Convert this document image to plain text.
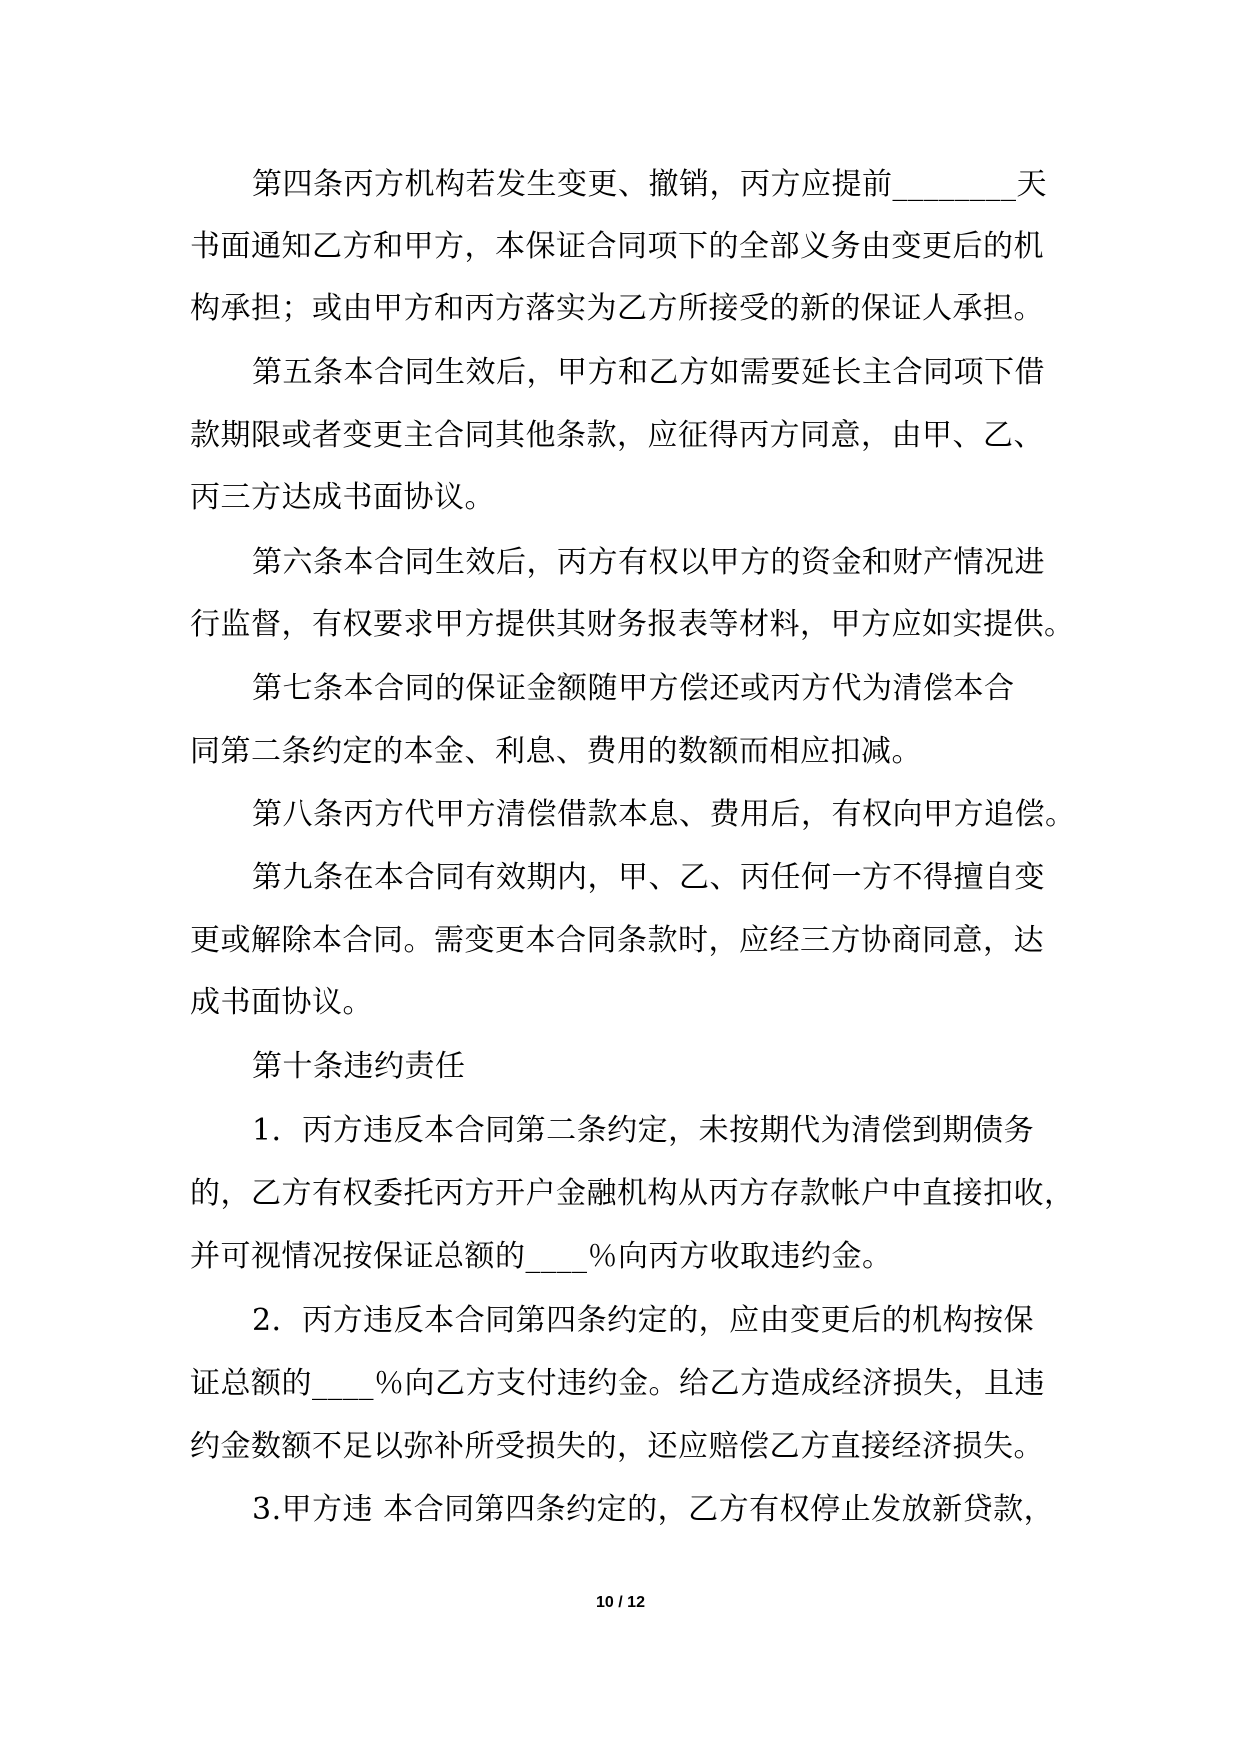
第四条丙方机构若发生变更、撤销，丙方应提前________天
书面通知乙方和甲方，本保证合同项下的全部义务由变更后的机
构承担；或由甲方和丙方落实为乙方所接受的新的保证人承担。
第五条本合同生效后，甲方和乙方如需要延长主合同项下借
款期限或者变更主合同其他条款，应征得丙方同意，由甲、乙、
丙三方达成书面协议。
第六条本合同生效后，丙方有权以甲方的资金和财产情况进
行监督，有权要求甲方提供其财务报表等材料，甲方应如实提供。
第七条本合同的保证金额随甲方偿还或丙方代为清偿本合
同第二条约定的本金、利息、费用的数额而相应扣减。
第八条丙方代甲方清偿借款本息、费用后，有权向甲方追偿。
第九条在本合同有效期内，甲、乙、丙任何一方不得擅自变
更或解除本合同。需变更本合同条款时，应经三方协商同意，达
成书面协议。
第十条违约责任
1．丙方违反本合同第二条约定，未按期代为清偿到期债务
的，乙方有权委托丙方开户金融机构从丙方存款帐户中直接扣收，
并可视情况按保证总额的____％向丙方收取违约金。
2．丙方违反本合同第四条约定的，应由变更后的机构按保
证总额的____％向乙方支付违约金。给乙方造成经济损失，且违
约金数额不足以弥补所受损失的，还应赔偿乙方直接经济损失。
3.甲方违 本合同第四条约定的，乙方有权停止发放新贷款，
10 / 12
